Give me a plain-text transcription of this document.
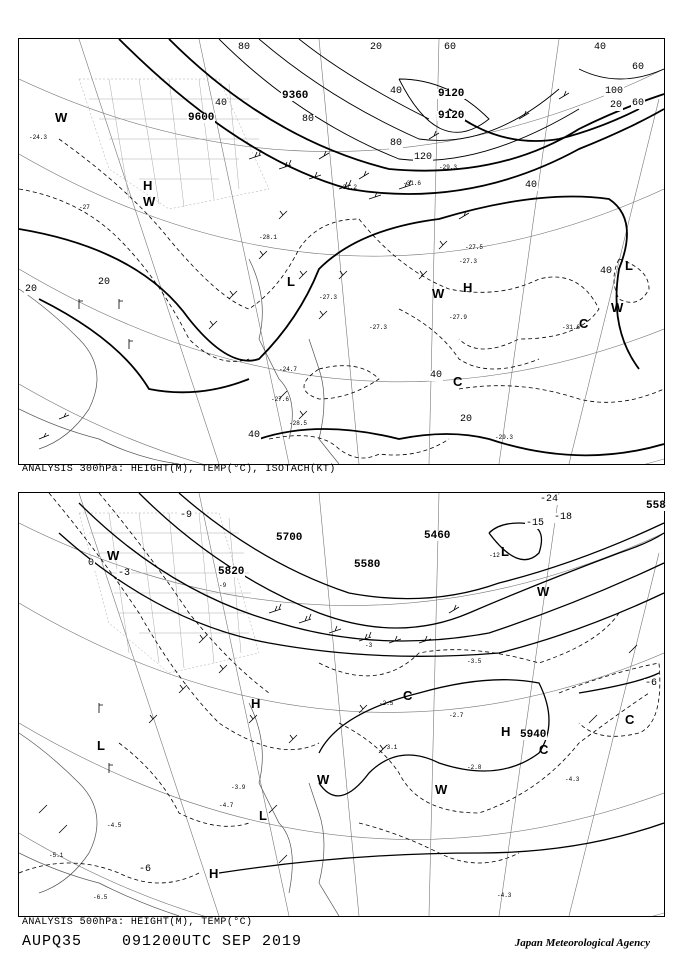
9360
9600
9120
9120
80
40
60
80
40
120
80
40
60
100
60
20
20
40
40
20
20
20
40
40
-24.3
-27
-28.1
-31.2
-31.6
-29.3
-27.3
-27.5
-27.3
-31.6
-27.9
-24.7
-27.6
-28.5
-27.3
-29.3
W
H
W
L	H
W
L
C
C
W
ANALYSIS 300hPa: HEIGHT(M), TEMP(°C), ISOTACH(KT)
5700
5820
5580
5460
5940
558
-18
-24
-15
-12
-9
-6
-3
-2.5
-3.5
-2.7
-2.8
-3.1
-4.3
-4.5
-4.7
-3.9
-6.5	-4.3
-5.1
-6
-9
-3
0
L
W
W
H
H
C
C
W
L
L
H
C
W
ANALYSIS 500hPa: HEIGHT(M), TEMP(°C)
AUPQ35	091200UTC SEP 2019	Japan Meteorological Agency
